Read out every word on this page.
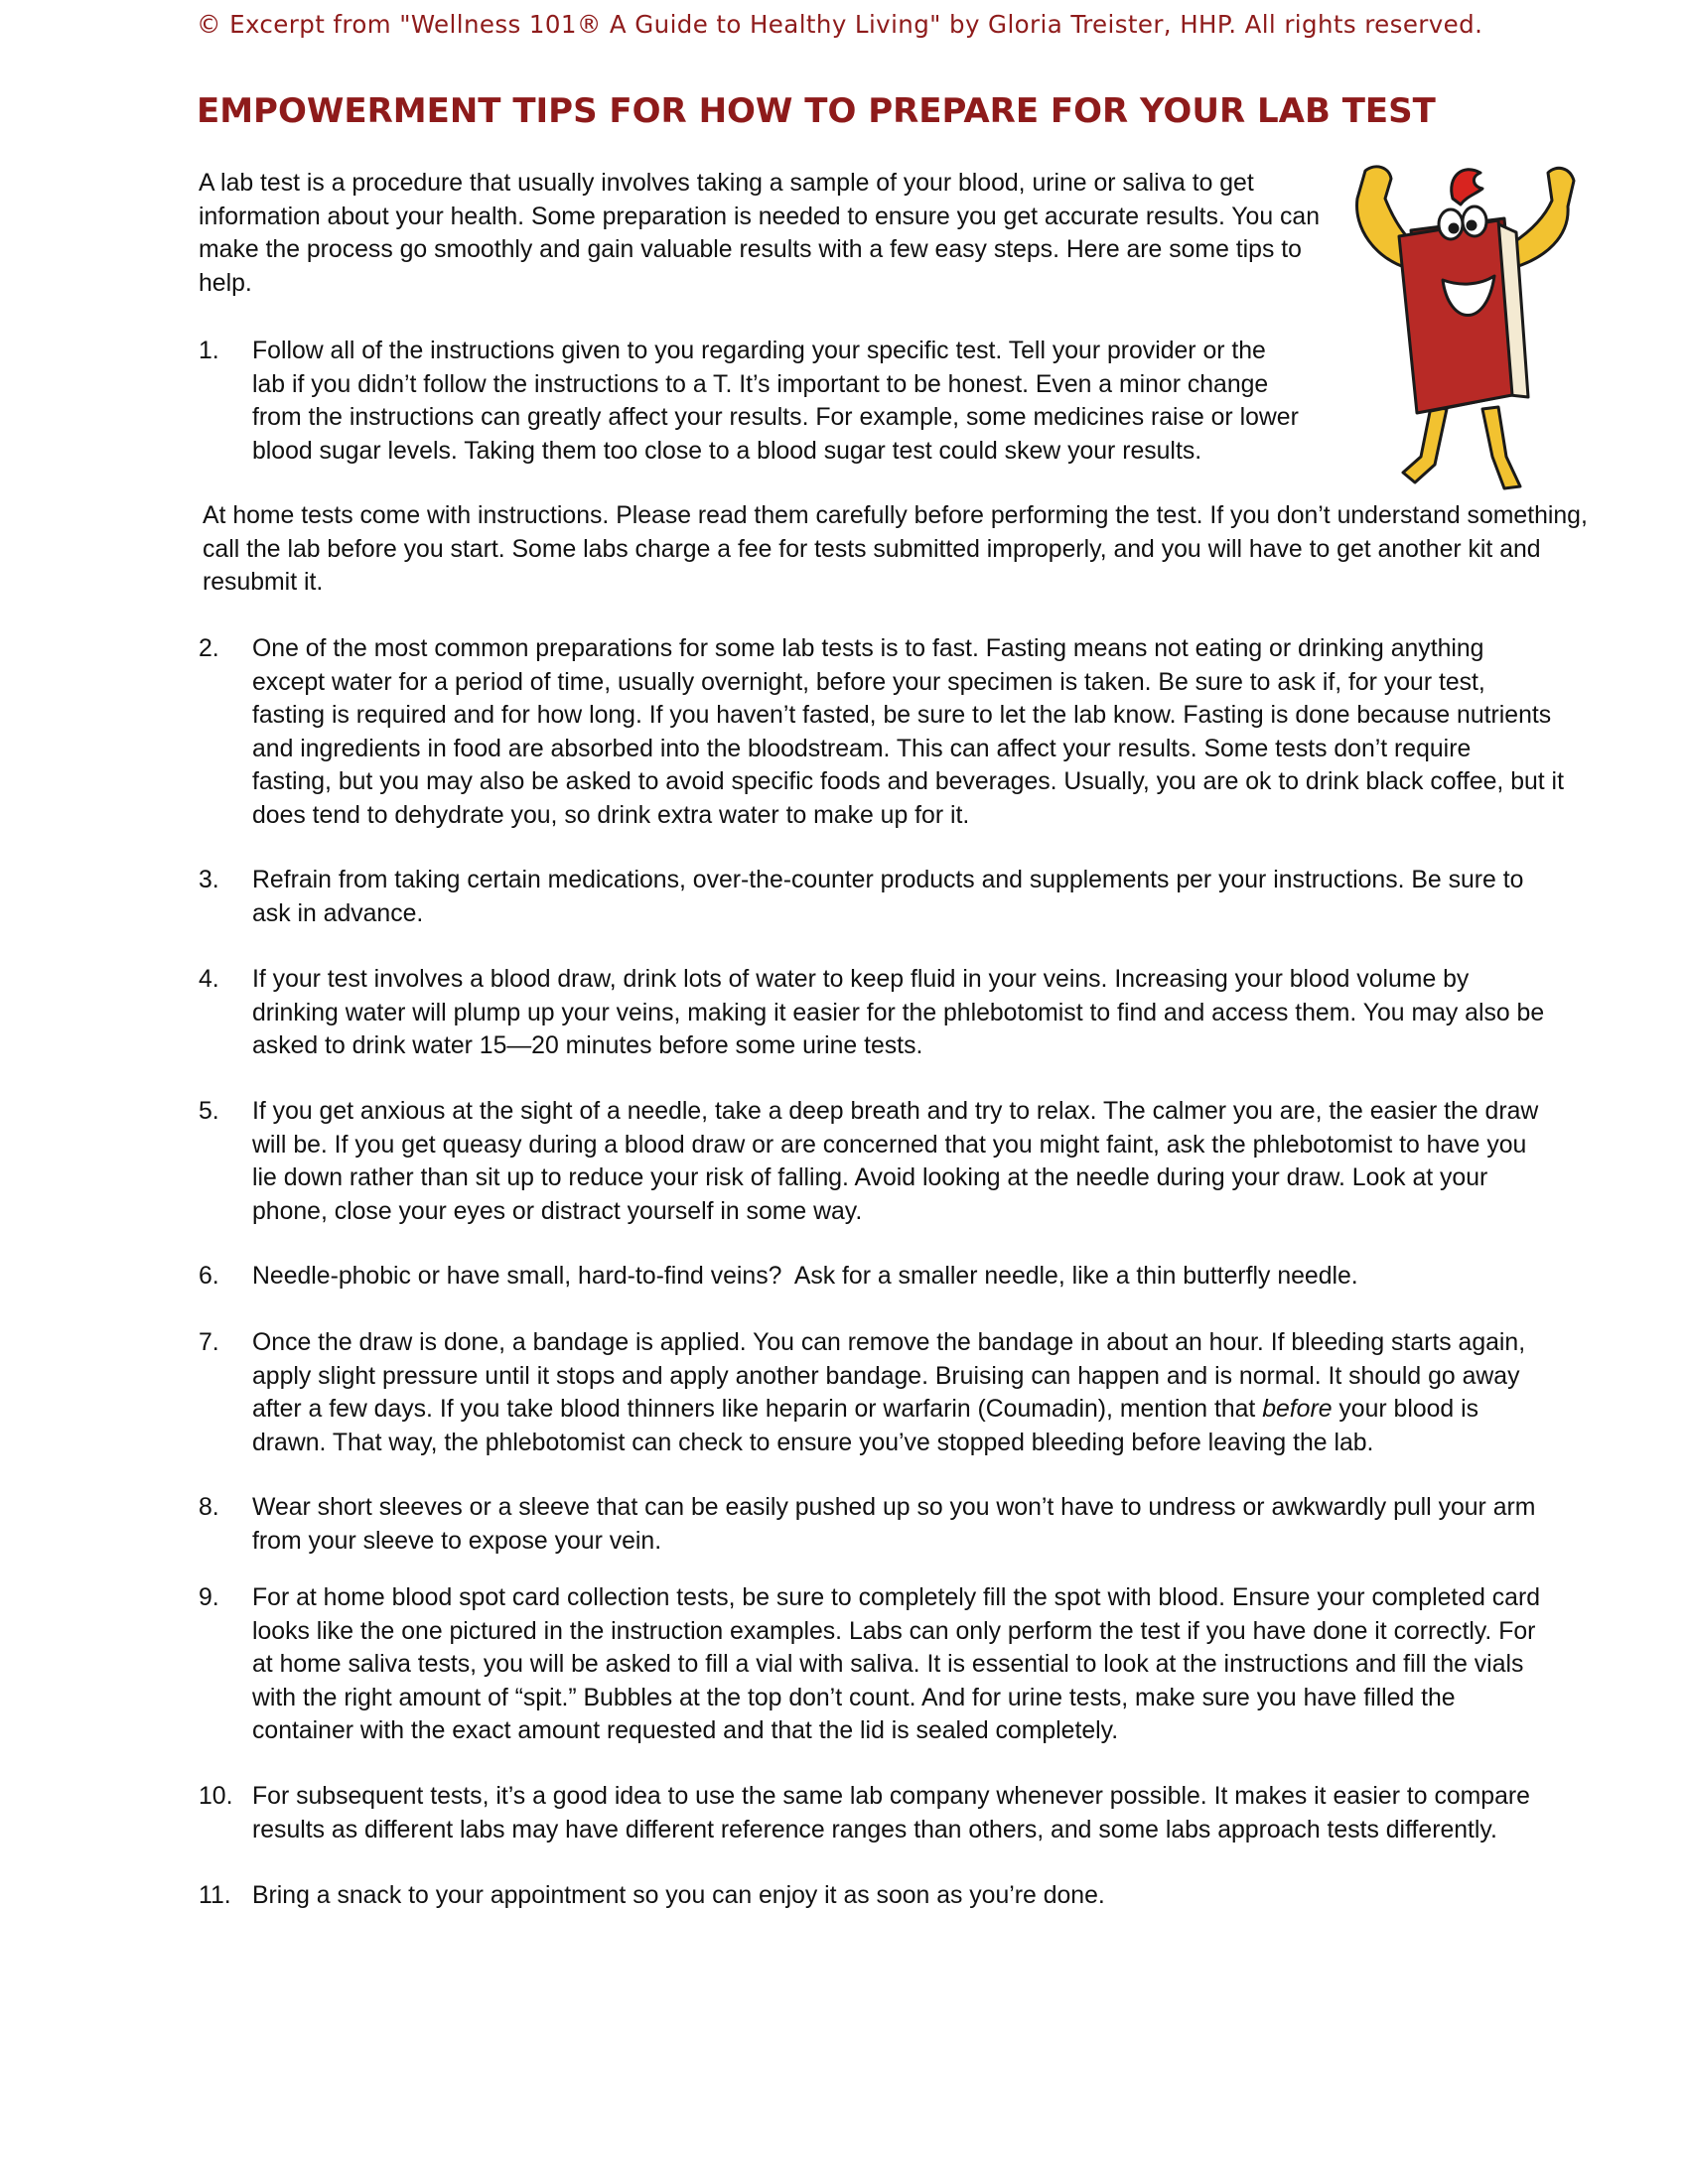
© Excerpt from "Wellness 101® A Guide to Healthy Living" by Gloria Treister, HHP. All rights reserved.

EMPOWERMENT TIPS FOR HOW TO PREPARE FOR YOUR LAB TEST

A lab test is a procedure that usually involves taking a sample of your blood, urine or saliva to get information about your health. Some preparation is needed to ensure you get accurate results. You can make the process go smoothly and gain valuable results with a few easy steps. Here are some tips to help.

1. Follow all of the instructions given to you regarding your specific test. Tell your provider or the
lab if you didn’t follow the instructions to a T. It’s important to be honest. Even a minor change
from the instructions can greatly affect your results. For example, some medicines raise or lower
blood sugar levels. Taking them too close to a blood sugar test could skew your results.

At home tests come with instructions. Please read them carefully before performing the test. If you don’t understand something, call the lab before you start. Some labs charge a fee for tests submitted improperly, and you will have to get another kit and resubmit it.

2. One of the most common preparations for some lab tests is to fast. Fasting means not eating or drinking anything
except water for a period of time, usually overnight, before your specimen is taken. Be sure to ask if, for your test,
fasting is required and for how long. If you haven’t fasted, be sure to let the lab know. Fasting is done because nutrients
and ingredients in food are absorbed into the bloodstream. This can affect your results. Some tests don’t require
fasting, but you may also be asked to avoid specific foods and beverages. Usually, you are ok to drink black coffee, but it
does tend to dehydrate you, so drink extra water to make up for it.
3. Refrain from taking certain medications, over-the-counter products and supplements per your instructions. Be sure to
ask in advance.
4. If your test involves a blood draw, drink lots of water to keep fluid in your veins. Increasing your blood volume by
drinking water will plump up your veins, making it easier for the phlebotomist to find and access them. You may also be
asked to drink water 15—20 minutes before some urine tests.
5. If you get anxious at the sight of a needle, take a deep breath and try to relax. The calmer you are, the easier the draw
will be. If you get queasy during a blood draw or are concerned that you might faint, ask the phlebotomist to have you
lie down rather than sit up to reduce your risk of falling. Avoid looking at the needle during your draw. Look at your
phone, close your eyes or distract yourself in some way.
6. Needle-phobic or have small, hard-to-find veins?  Ask for a smaller needle, like a thin butterfly needle.
7. Once the draw is done, a bandage is applied. You can remove the bandage in about an hour. If bleeding starts again,
apply slight pressure until it stops and apply another bandage. Bruising can happen and is normal. It should go away
after a few days. If you take blood thinners like heparin or warfarin (Coumadin), mention that before your blood is
drawn. That way, the phlebotomist can check to ensure you’ve stopped bleeding before leaving the lab.
8. Wear short sleeves or a sleeve that can be easily pushed up so you won’t have to undress or awkwardly pull your arm
from your sleeve to expose your vein.
9. For at home blood spot card collection tests, be sure to completely fill the spot with blood. Ensure your completed card
looks like the one pictured in the instruction examples. Labs can only perform the test if you have done it correctly. For
at home saliva tests, you will be asked to fill a vial with saliva. It is essential to look at the instructions and fill the vials
with the right amount of “spit.” Bubbles at the top don’t count. And for urine tests, make sure you have filled the
container with the exact amount requested and that the lid is sealed completely.
10. For subsequent tests, it’s a good idea to use the same lab company whenever possible. It makes it easier to compare
results as different labs may have different reference ranges than others, and some labs approach tests differently.
11. Bring a snack to your appointment so you can enjoy it as soon as you’re done.
